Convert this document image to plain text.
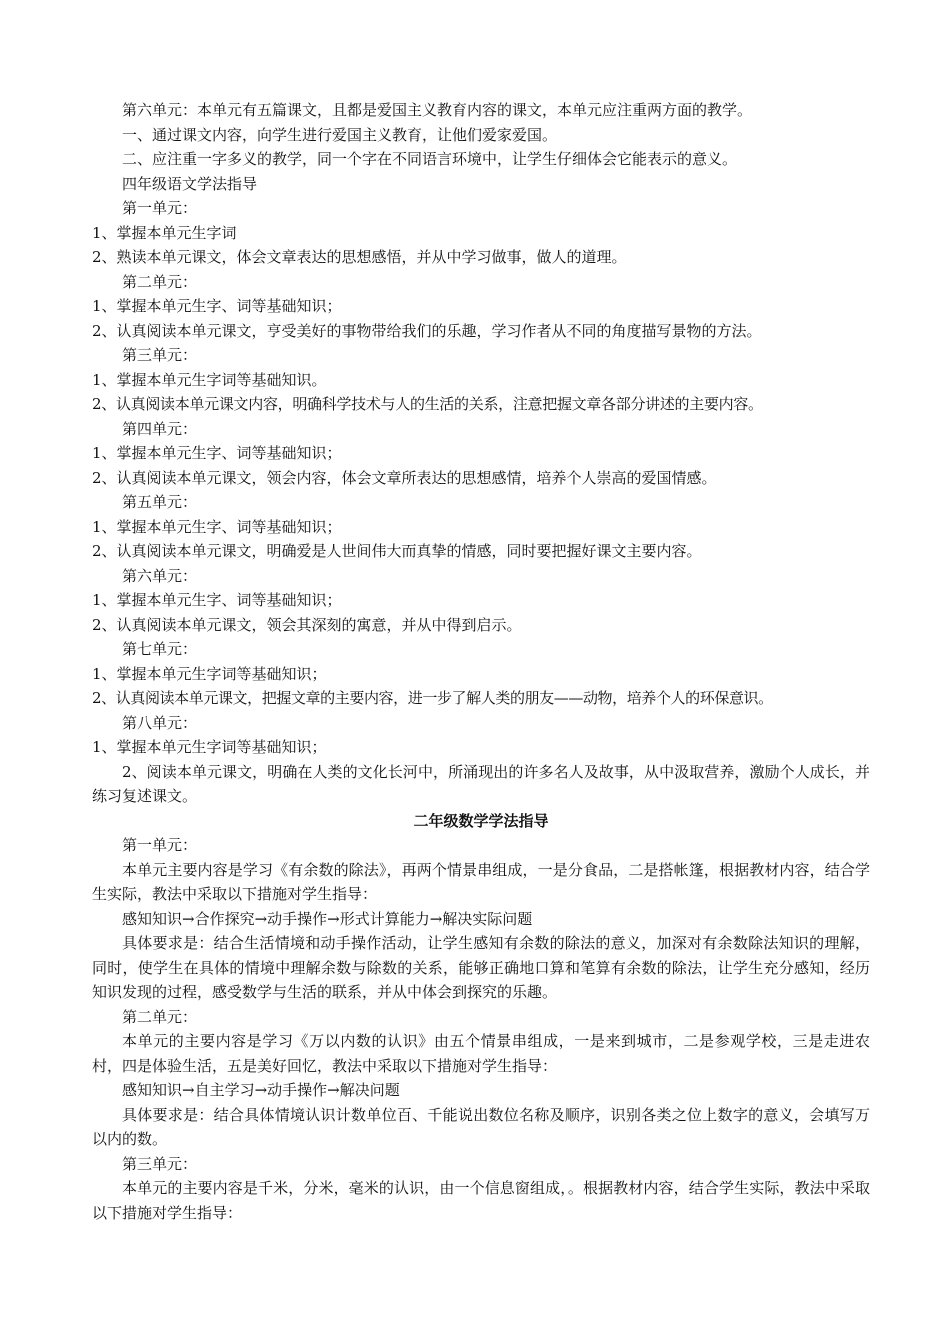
第六单元：本单元有五篇课文，且都是爱国主义教育内容的课文，本单元应注重两方面的教学。

一、通过课文内容，向学生进行爱国主义教育，让他们爱家爱国。

二、应注重一字多义的教学，同一个字在不同语言环境中，让学生仔细体会它能表示的意义。

四年级语文学法指导

第一单元：

1、掌握本单元生字词

2、熟读本单元课文，体会文章表达的思想感悟，并从中学习做事，做人的道理。

第二单元：

1、掌握本单元生字、词等基础知识；

2、认真阅读本单元课文，亨受美好的事物带给我们的乐趣，学习作者从不同的角度描写景物的方法。

第三单元：

1、掌握本单元生字词等基础知识。

2、认真阅读本单元课文内容，明确科学技术与人的生活的关系，注意把握文章各部分讲述的主要内容。

第四单元：

1、掌握本单元生字、词等基础知识；

2、认真阅读本单元课文，领会内容，体会文章所表达的思想感情，培养个人崇高的爱国情感。

第五单元：

1、掌握本单元生字、词等基础知识；

2、认真阅读本单元课文，明确爱是人世间伟大而真挚的情感，同时要把握好课文主要内容。

第六单元：

1、掌握本单元生字、词等基础知识；

2、认真阅读本单元课文，领会其深刻的寓意，并从中得到启示。

第七单元：

1、掌握本单元生字词等基础知识；

2、认真阅读本单元课文，把握文章的主要内容，进一步了解人类的朋友——动物，培养个人的环保意识。

第八单元：

1、掌握本单元生字词等基础知识；

2、阅读本单元课文，明确在人类的文化长河中，所涌现出的许多名人及故事，从中汲取营养，激励个人成长，并练习复述课文。

二年级数学学法指导

第一单元：

本单元主要内容是学习《有余数的除法》，再两个情景串组成，一是分食品，二是搭帐篷，根据教材内容，结合学生实际，教法中采取以下措施对学生指导：

感知知识→合作探究→动手操作→形式计算能力→解决实际问题

具体要求是：结合生活情境和动手操作活动，让学生感知有余数的除法的意义，加深对有余数除法知识的理解，同时，使学生在具体的情境中理解余数与除数的关系，能够正确地口算和笔算有余数的除法，让学生充分感知，经历知识发现的过程，感受数学与生活的联系，并从中体会到探究的乐趣。

第二单元：

本单元的主要内容是学习《万以内数的认识》由五个情景串组成，一是来到城市，二是参观学校，三是走进农村，四是体验生活，五是美好回忆，教法中采取以下措施对学生指导：

感知知识→自主学习→动手操作→解决问题

具体要求是：结合具体情境认识计数单位百、千能说出数位名称及顺序，识别各类之位上数字的意义，会填写万以内的数。

第三单元：

本单元的主要内容是千米，分米，毫米的认识，由一个信息窗组成，。根据教材内容，结合学生实际，教法中采取以下措施对学生指导：
